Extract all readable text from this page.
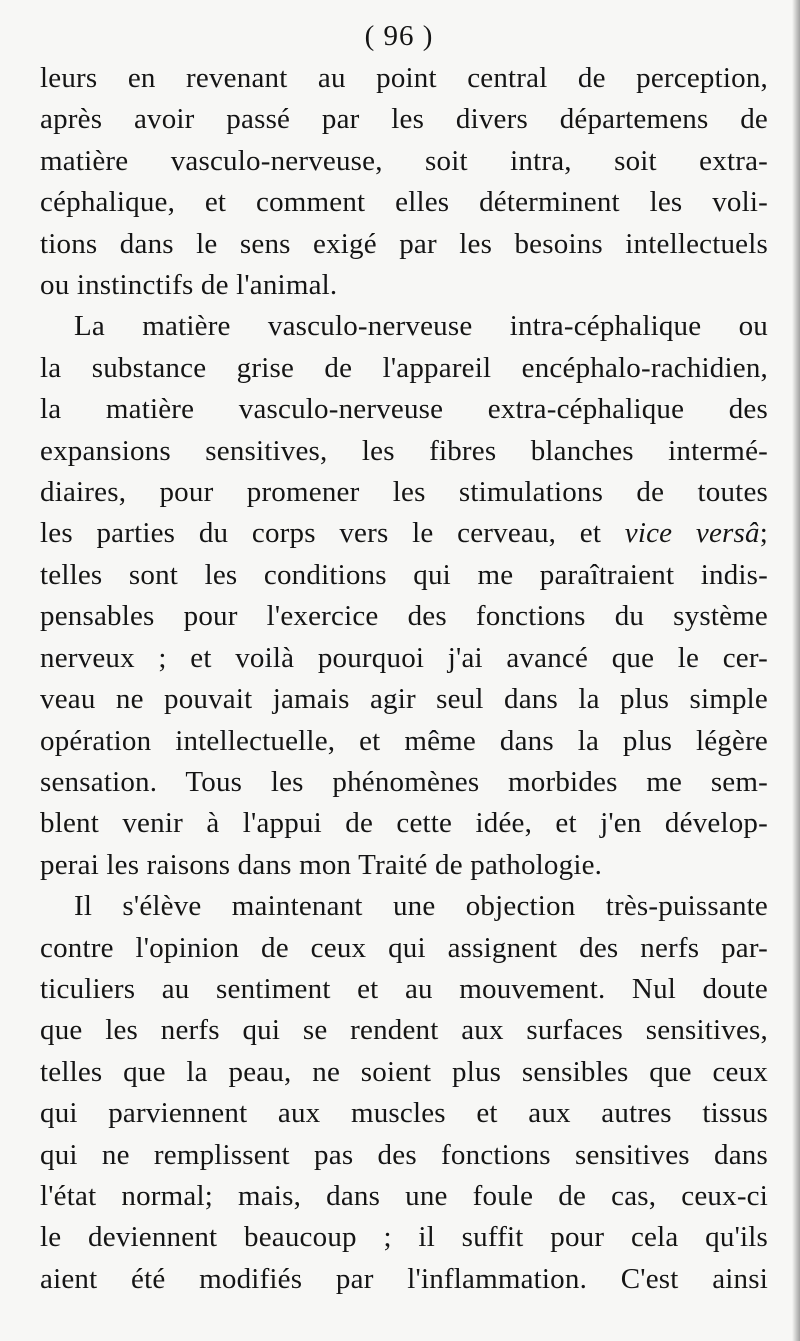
( 96 )
leurs en revenant au point central de perception,
après avoir passé par les divers départemens de
matière vasculo-nerveuse, soit intra, soit extra-
céphalique, et comment elles déterminent les voli-
tions dans le sens exigé par les besoins intellectuels
ou instinctifs de l'animal.
La matière vasculo-nerveuse intra-céphalique ou
la substance grise de l'appareil encéphalo-rachidien,
la matière vasculo-nerveuse extra-céphalique des
expansions sensitives, les fibres blanches intermé-
diaires, pour promener les stimulations de toutes
les parties du corps vers le cerveau, et vice versâ;
telles sont les conditions qui me paraîtraient indis-
pensables pour l'exercice des fonctions du système
nerveux ; et voilà pourquoi j'ai avancé que le cer-
veau ne pouvait jamais agir seul dans la plus simple
opération intellectuelle, et même dans la plus légère
sensation. Tous les phénomènes morbides me sem-
blent venir à l'appui de cette idée, et j'en dévelop-
perai les raisons dans mon Traité de pathologie.
Il s'élève maintenant une objection très-puissante
contre l'opinion de ceux qui assignent des nerfs par-
ticuliers au sentiment et au mouvement. Nul doute
que les nerfs qui se rendent aux surfaces sensitives,
telles que la peau, ne soient plus sensibles que ceux
qui parviennent aux muscles et aux autres tissus
qui ne remplissent pas des fonctions sensitives dans
l'état normal; mais, dans une foule de cas, ceux-ci
le deviennent beaucoup ; il suffit pour cela qu'ils
aient été modifiés par l'inflammation. C'est ainsi
